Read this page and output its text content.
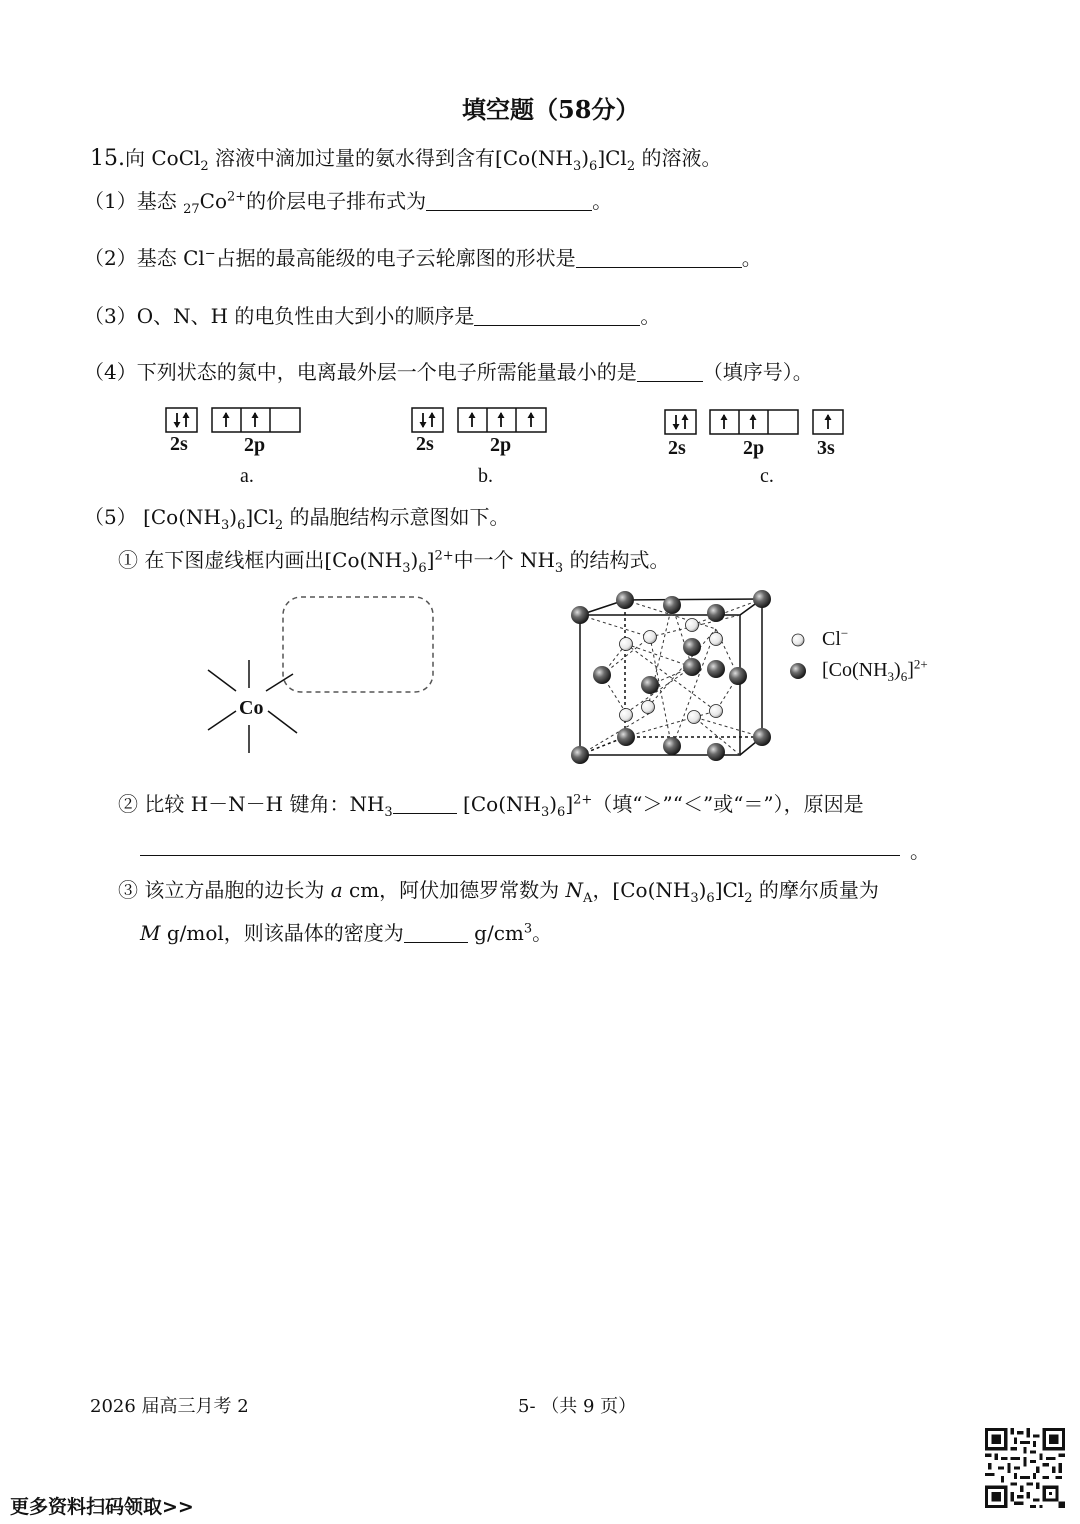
填空题（58分）
15.向 CoCl$_2$ 溶液中滴加过量的氨水得到含有$[Co(NH_3)_6]Cl_2$ 的溶液。
（1）基态 $_{27}Co^{2+}$的价层电子排布式为	。
（2）基态 Cl−占据的最高能级的电子云轮廓图的形状是	。
（3）O、N、H 的电负性由大到小的顺序是	。
（4）下列状态的氮中，电离最外层一个电子所需能量最小的是	（填序号）。
2s	2p
a.
2s	2p
b.
2s	2p	3s
c.
（5） $[Co(NH_3)_6]Cl_2$ 的晶胞结构示意图如下。
① 在下图虚线框内画出$[Co(NH_3)_6]^{2+}$中一个 $NH_3$ 的结构式。
Co
Cl−
$[Co(NH_3)_6]^{2+}$
② 比较 H－N－H 键角：$NH_3$	$[Co(NH_3)_6]^{2+}$（填“＞”“＜”或“＝”），原因是
。
③ 该立方晶胞的边长为 a cm，阿伏加德罗常数为 $N_A$，$[Co(NH_3)_6]Cl_2$ 的摩尔质量为
M g/mol，则该晶体的密度为	$g/cm^3$。
2026 届高三月考 2	5- （共 9 页）
更多资料扫码领取>>
